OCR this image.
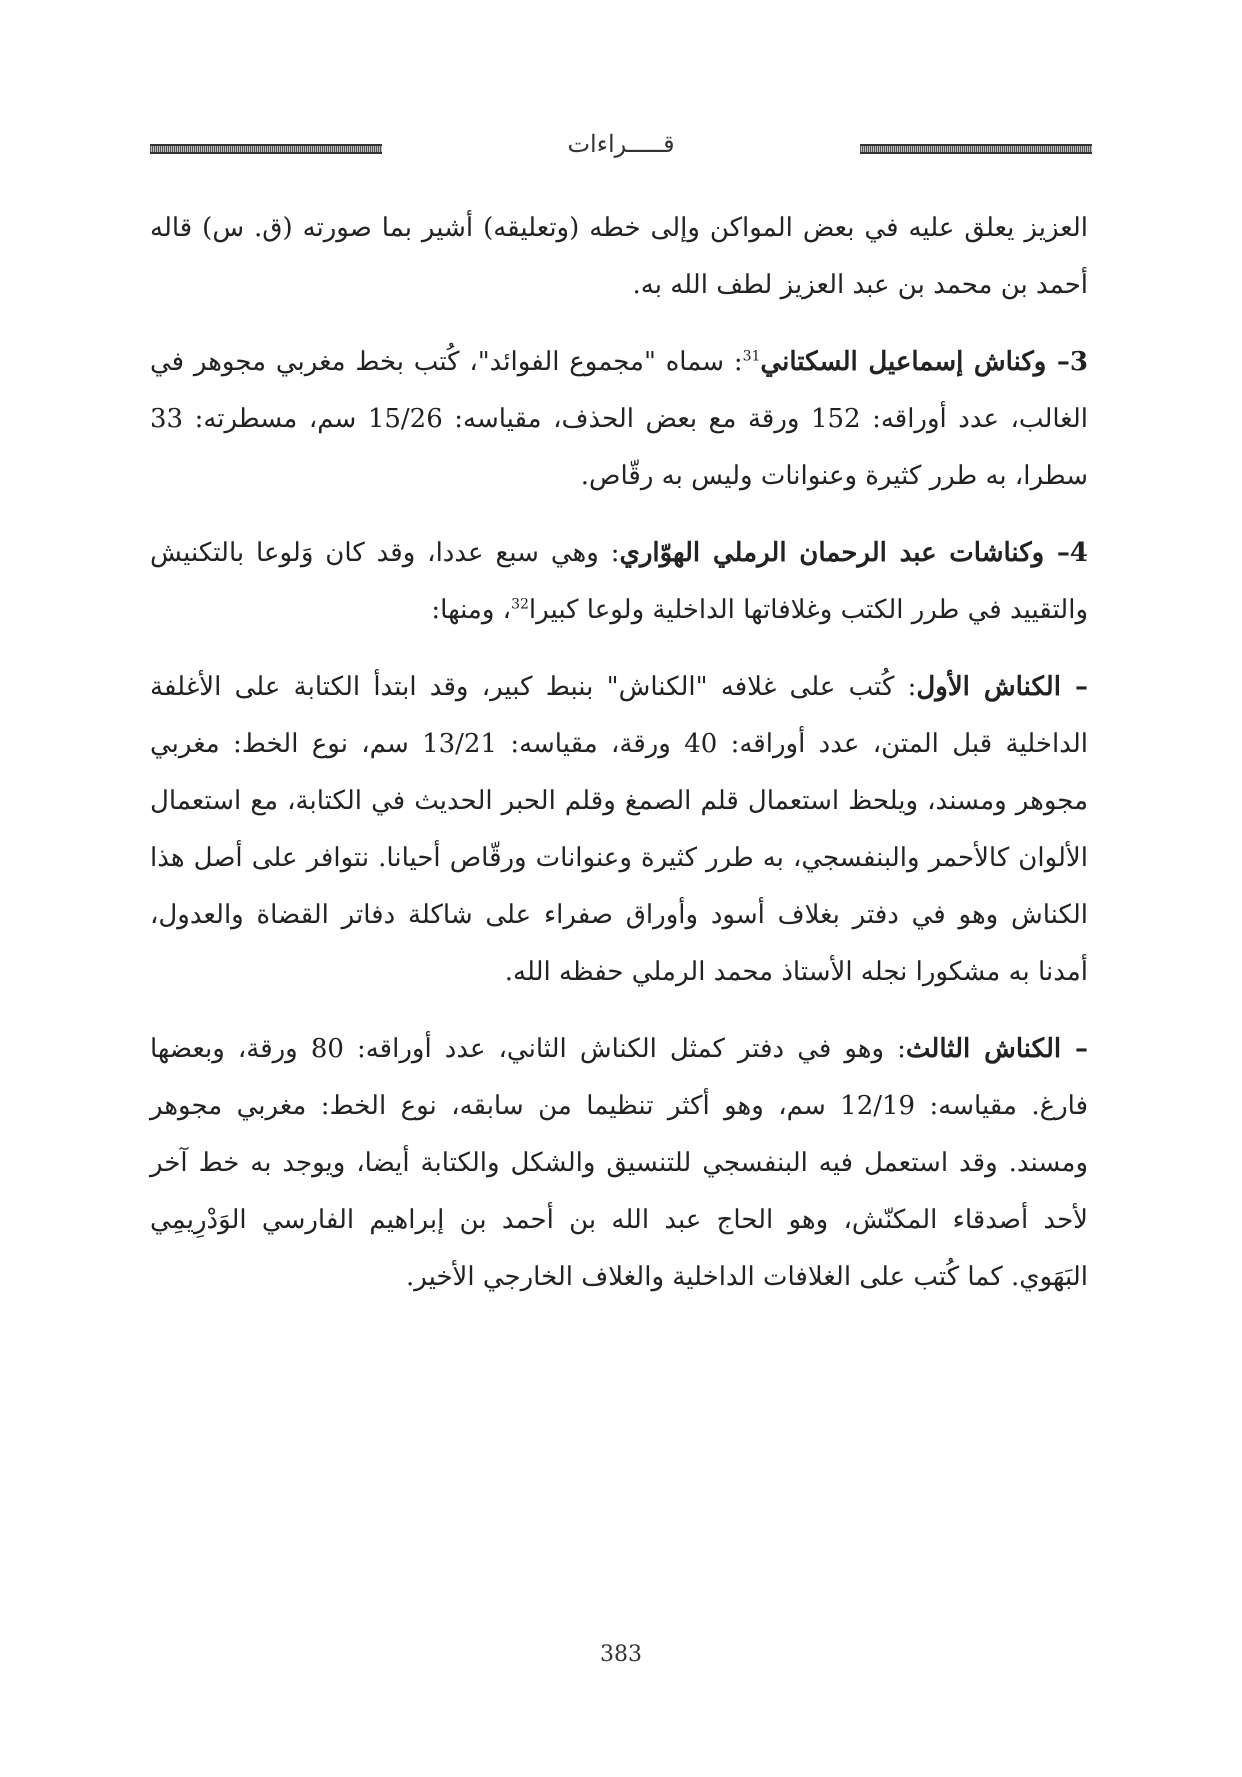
قـــــراءات

العزيز يعلق عليه في بعض المواكن وإلى خطه (وتعليقه) أشير بما صورته (ق. س) قاله أحمد بن محمد بن عبد العزيز لطف الله به.

3– وكناش إسماعيل السكتاني$^{31}$: سماه "مجموع الفوائد"، كُتب بخط مغربي مجوهر في الغالب، عدد أوراقه: 152 ورقة مع بعض الحذف، مقياسه: 15/26 سم، مسطرته: 33 سطرا، به طرر كثيرة وعنوانات وليس به رقّاص.

4– وكناشات عبد الرحمان الرملي الهوّاري: وهي سبع عددا، وقد كان وَلوعا بالتكنيش والتقييد في طرر الكتب وغلافاتها الداخلية ولوعا كبيرا$^{32}$، ومنها:

– الكناش الأول: كُتب على غلافه "الكناش" بنبط كبير، وقد ابتدأ الكتابة على الأغلفة الداخلية قبل المتن، عدد أوراقه: 40 ورقة، مقياسه: 13/21 سم، نوع الخط: مغربي مجوهر ومسند، ويلحظ استعمال قلم الصمغ وقلم الحبر الحديث في الكتابة، مع استعمال الألوان كالأحمر والبنفسجي، به طرر كثيرة وعنوانات ورقّاص أحيانا. نتوافر على أصل هذا الكناش وهو في دفتر بغلاف أسود وأوراق صفراء على شاكلة دفاتر القضاة والعدول، أمدنا به مشكورا نجله الأستاذ محمد الرملي حفظه الله.

– الكناش الثالث: وهو في دفتر كمثل الكناش الثاني، عدد أوراقه: 80 ورقة، وبعضها فارغ. مقياسه: 12/19 سم، وهو أكثر تنظيما من سابقه، نوع الخط: مغربي مجوهر ومسند. وقد استعمل فيه البنفسجي للتنسيق والشكل والكتابة أيضا، ويوجد به خط آخر لأحد أصدقاء المكنّش، وهو الحاج عبد الله بن أحمد بن إبراهيم الفارسي الوَدْرِيمِي البَهَوي. كما كُتب على الغلافات الداخلية والغلاف الخارجي الأخير.

383
